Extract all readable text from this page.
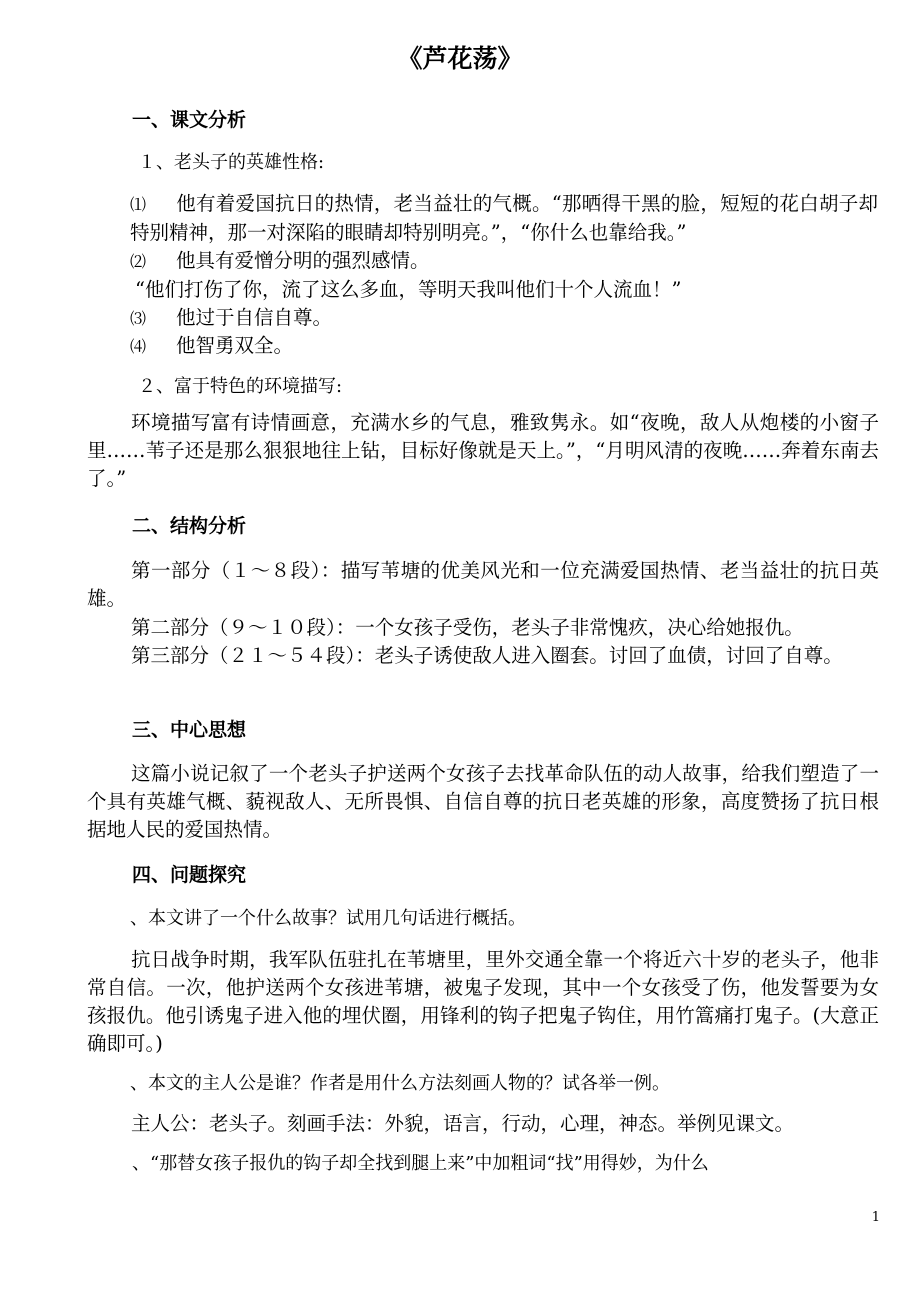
《芦花荡》
一、课文分析
１、老头子的英雄性格:

⑴ 他有着爱国抗日的热情，老当益壮的气概。“那晒得干黑的脸，短短的花白胡子却特别精神，那一对深陷的眼睛却特别明亮。”，“你什么也靠给我。”

⑵ 他具有爱憎分明的强烈感情。
“他们打伤了你，流了这么多血，等明天我叫他们十个人流血！”
⑶ 他过于自信自尊。
⑷ 他智勇双全。
２、富于特色的环境描写:

环境描写富有诗情画意，充满水乡的气息，雅致隽永。如“夜晚，敌人从炮楼的小窗子里……苇子还是那么狠狠地往上钻，目标好像就是天上。”，“月明风清的夜晚……奔着东南去了。”

二、结构分析

第一部分（１～８段）：描写苇塘的优美风光和一位充满爱国热情、老当益壮的抗日英雄。

第二部分（９～１０段）：一个女孩子受伤，老头子非常愧疚，决心给她报仇。

第三部分（２１～５４段）：老头子诱使敌人进入圈套。讨回了血债，讨回了自尊。

三、中心思想

这篇小说记叙了一个老头子护送两个女孩子去找革命队伍的动人故事，给我们塑造了一个具有英雄气概、藐视敌人、无所畏惧、自信自尊的抗日老英雄的形象，高度赞扬了抗日根据地人民的爱国热情。

四、问题探究
、本文讲了一个什么故事？试用几句话进行概括。

抗日战争时期，我军队伍驻扎在苇塘里，里外交通全靠一个将近六十岁的老头子，他非常自信。一次，他护送两个女孩进苇塘，被鬼子发现，其中一个女孩受了伤，他发誓要为女孩报仇。他引诱鬼子进入他的埋伏圈，用锋利的钩子把鬼子钩住，用竹篙痛打鬼子。(大意正确即可。)

、本文的主人公是谁？作者是用什么方法刻画人物的？试各举一例。

主人公：老头子。刻画手法：外貌，语言，行动，心理，神态。举例见课文。

、“那替女孩子报仇的钩子却全找到腿上来”中加粗词“找”用得妙，为什么
1
